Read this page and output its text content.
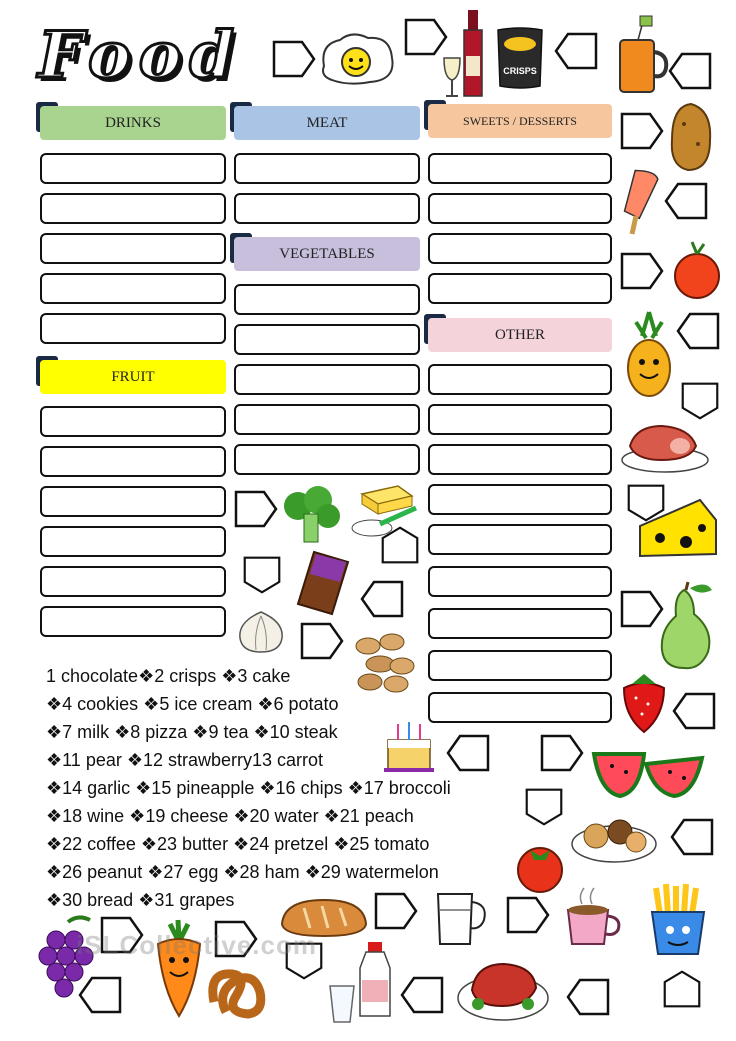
Food
DRINKS	MEAT	SWEETS / DESSERTS
VEGETABLES
FRUIT
OTHER
CRISPS
1 chocolate❖2 crisps ❖3 cake
❖4 cookies ❖5 ice cream ❖6 potato
❖7 milk ❖8 pizza ❖9 tea ❖10 steak
❖11 pear ❖12 strawberry13 carrot
❖14 garlic ❖15 pineapple ❖16 chips ❖17 broccoli
❖18 wine ❖19 cheese ❖20 water ❖21 peach
❖22 coffee ❖23 butter ❖24 pretzel ❖25 tomato
❖26 peanut ❖27 egg ❖28 ham ❖29 watermelon
❖30 bread ❖31 grapes
iSLCollective.com
